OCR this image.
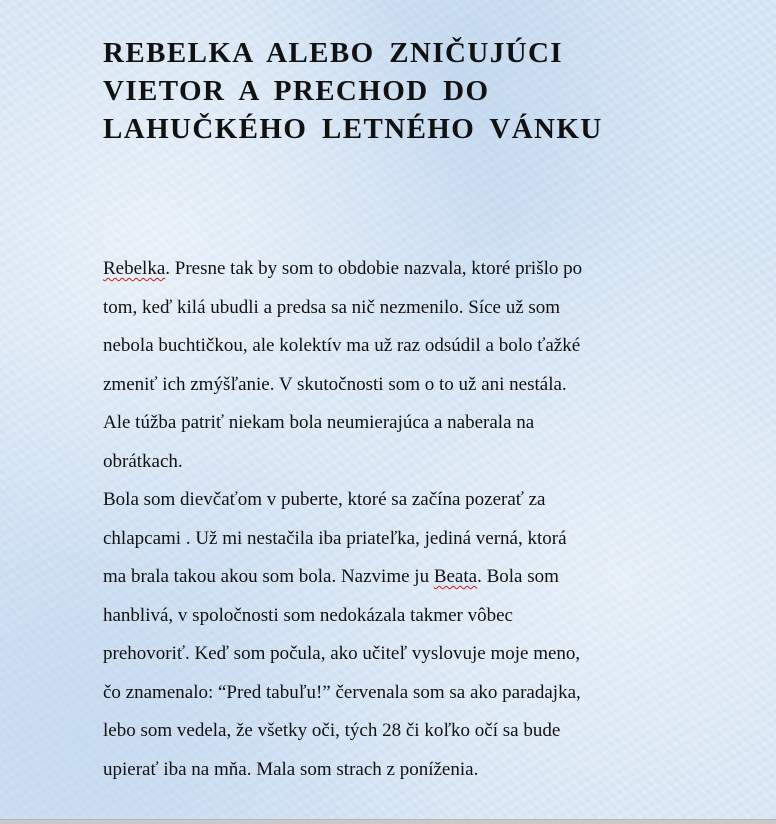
REBELKA ALEBO ZNIČUJÚCI
VIETOR A PRECHOD DO
LAHUČKÉHO LETNÉHO VÁNKU

Rebelka. Presne tak by som to obdobie nazvala, ktoré prišlo po
tom, keď kilá ubudli a predsa sa nič nezmenilo. Síce už som
nebola buchtičkou, ale kolektív ma už raz odsúdil a bolo ťažké
zmeniť ich zmýšľanie. V skutočnosti som o to už ani nestála.
Ale túžba patriť niekam bola neumierajúca a naberala na
obrátkach.

Bola som dievčaťom v puberte, ktoré sa začína pozerať za
chlapcami . Už mi nestačila iba priateľka, jediná verná, ktorá
ma brala takou akou som bola. Nazvime ju Beata. Bola som
hanblivá, v spoločnosti som nedokázala takmer vôbec
prehovoriť. Keď som počula, ako učiteľ vyslovuje moje meno,
čo znamenalo: “Pred tabuľu!” červenala som sa ako paradajka,
lebo som vedela, že všetky oči, tých 28 či koľko očí sa bude
upierať iba na mňa. Mala som strach z poníženia.
